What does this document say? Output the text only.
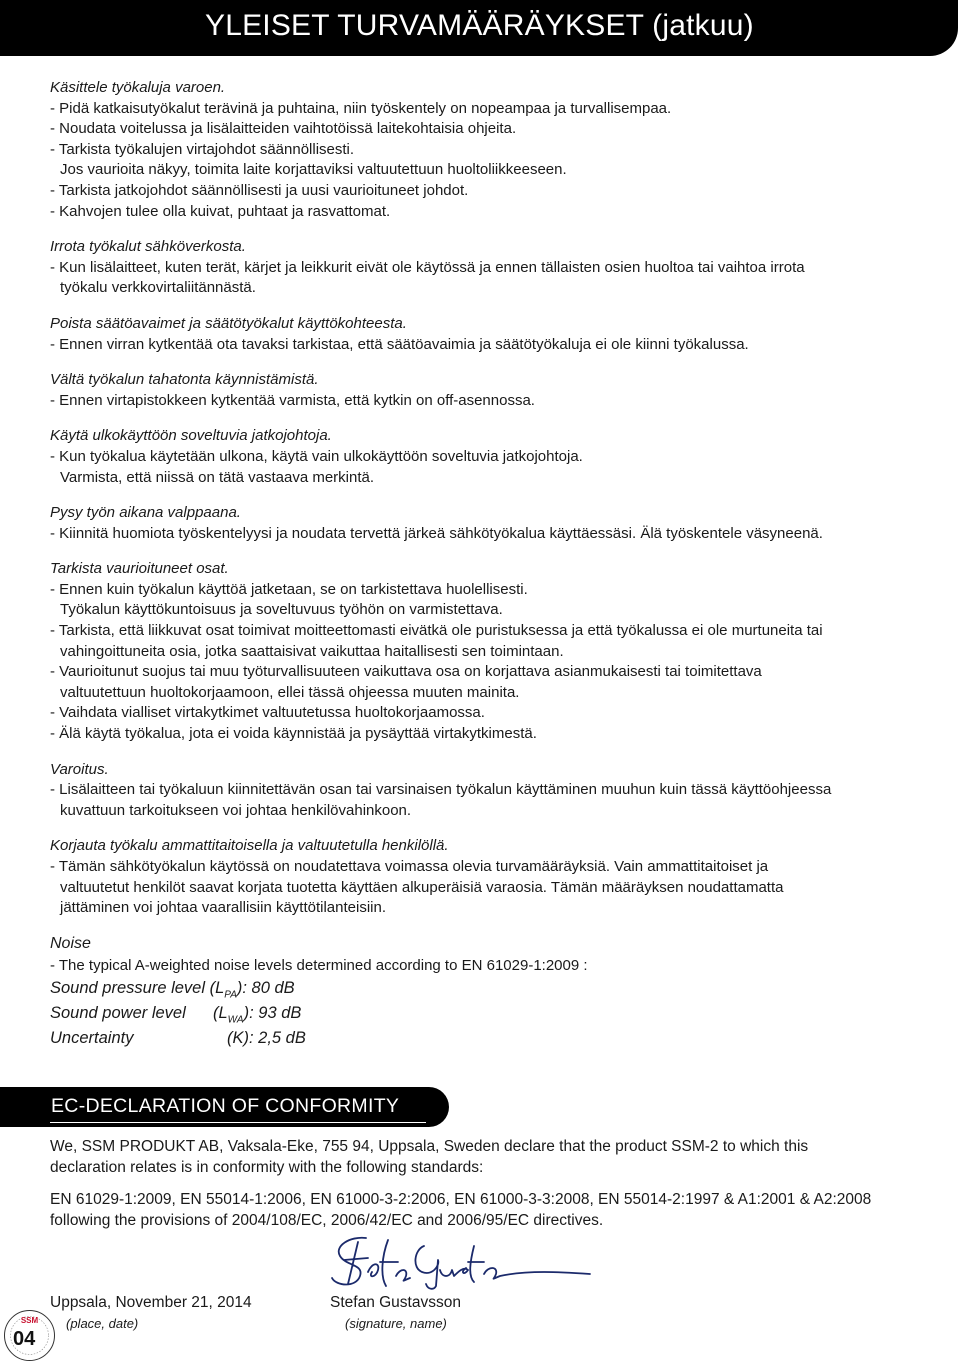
YLEISET TURVAMÄÄRÄYKSET (jatkuu)

Käsittele työkaluja varoen.

- Pidä katkaisutyökalut terävinä ja puhtaina, niin työskentely on nopeampaa ja turvallisempaa.

- Noudata voitelussa ja lisälaitteiden vaihtotöissä laitekohtaisia ohjeita.

- Tarkista työkalujen virtajohdot säännöllisesti.

Jos vaurioita näkyy, toimita laite korjattaviksi valtuutettuun huoltoliikkeeseen.

- Tarkista jatkojohdot säännöllisesti ja uusi vaurioituneet johdot.

- Kahvojen tulee olla kuivat, puhtaat ja rasvattomat.

Irrota työkalut sähköverkosta.

- Kun lisälaitteet, kuten terät, kärjet ja leikkurit eivät ole käytössä ja ennen tällaisten osien huoltoa tai vaihtoa irrota

työkalu verkkovirtaliitännästä.

Poista säätöavaimet ja säätötyökalut käyttökohteesta.

- Ennen virran kytkentää ota tavaksi tarkistaa, että säätöavaimia ja säätötyökaluja ei ole kiinni työkalussa.

Vältä työkalun tahatonta käynnistämistä.

- Ennen virtapistokkeen kytkentää varmista, että kytkin on off-asennossa.

Käytä ulkokäyttöön soveltuvia jatkojohtoja.

- Kun työkalua käytetään ulkona, käytä vain ulkokäyttöön soveltuvia jatkojohtoja.

Varmista, että niissä on tätä vastaava merkintä.

Pysy työn aikana valppaana.

- Kiinnitä huomiota työskentelyysi ja noudata tervettä järkeä sähkötyökalua käyttäessäsi. Älä työskentele väsyneenä.

Tarkista vaurioituneet osat.

- Ennen kuin työkalun käyttöä jatketaan, se on tarkistettava huolellisesti.

Työkalun käyttökuntoisuus ja soveltuvuus työhön on varmistettava.

- Tarkista, että liikkuvat osat toimivat moitteettomasti eivätkä ole puristuksessa ja että työkalussa ei ole murtuneita tai

vahingoittuneita osia, jotka saattaisivat vaikuttaa haitallisesti sen toimintaan.

- Vaurioitunut suojus tai muu työturvallisuuteen vaikuttava osa on korjattava asianmukaisesti tai toimitettava

valtuutettuun huoltokorjaamoon, ellei tässä ohjeessa muuten mainita.

- Vaihdata vialliset virtakytkimet valtuutetussa huoltokorjaamossa.

- Älä käytä työkalua, jota ei voida käynnistää ja pysäyttää virtakytkimestä.

Varoitus.

- Lisälaitteen tai työkaluun kiinnitettävän osan tai varsinaisen työkalun käyttäminen muuhun kuin tässä käyttöohjeessa

kuvattuun tarkoitukseen voi johtaa henkilövahinkoon.

Korjauta työkalu ammattitaitoisella ja valtuutetulla henkilöllä.

- Tämän sähkötyökalun käytössä on noudatettava voimassa olevia turvamääräyksiä. Vain ammattitaitoiset ja

valtuutetut henkilöt saavat korjata tuotetta käyttäen alkuperäisiä varaosia. Tämän määräyksen noudattamatta

jättäminen voi johtaa vaarallisiin käyttötilanteisiin.

Noise

- The typical A-weighted noise levels determined according to EN 61029-1:2009 :

Sound pressure level $(L_{PA})$: 80 dB
Sound power level $(L_{WA})$: 93 dB
Uncertainty	(K): 2,5 dB
EC-DECLARATION OF CONFORMITY
We, SSM PRODUKT AB, Vaksala-Eke, 755 94, Uppsala, Sweden declare that the product SSM-2 to which this
declaration relates is in conformity with the following standards:
EN 61029-1:2009, EN 55014-1:2006, EN 61000-3-2:2006, EN 61000-3-3:2008, EN 55014-2:1997 & A1:2001 & A2:2008
following the provisions of 2004/108/EC, 2006/42/EC and 2006/95/EC directives.
Uppsala, November 21, 2014
(place, date)
Stefan Gustavsson
(signature, name)
SSM
04
